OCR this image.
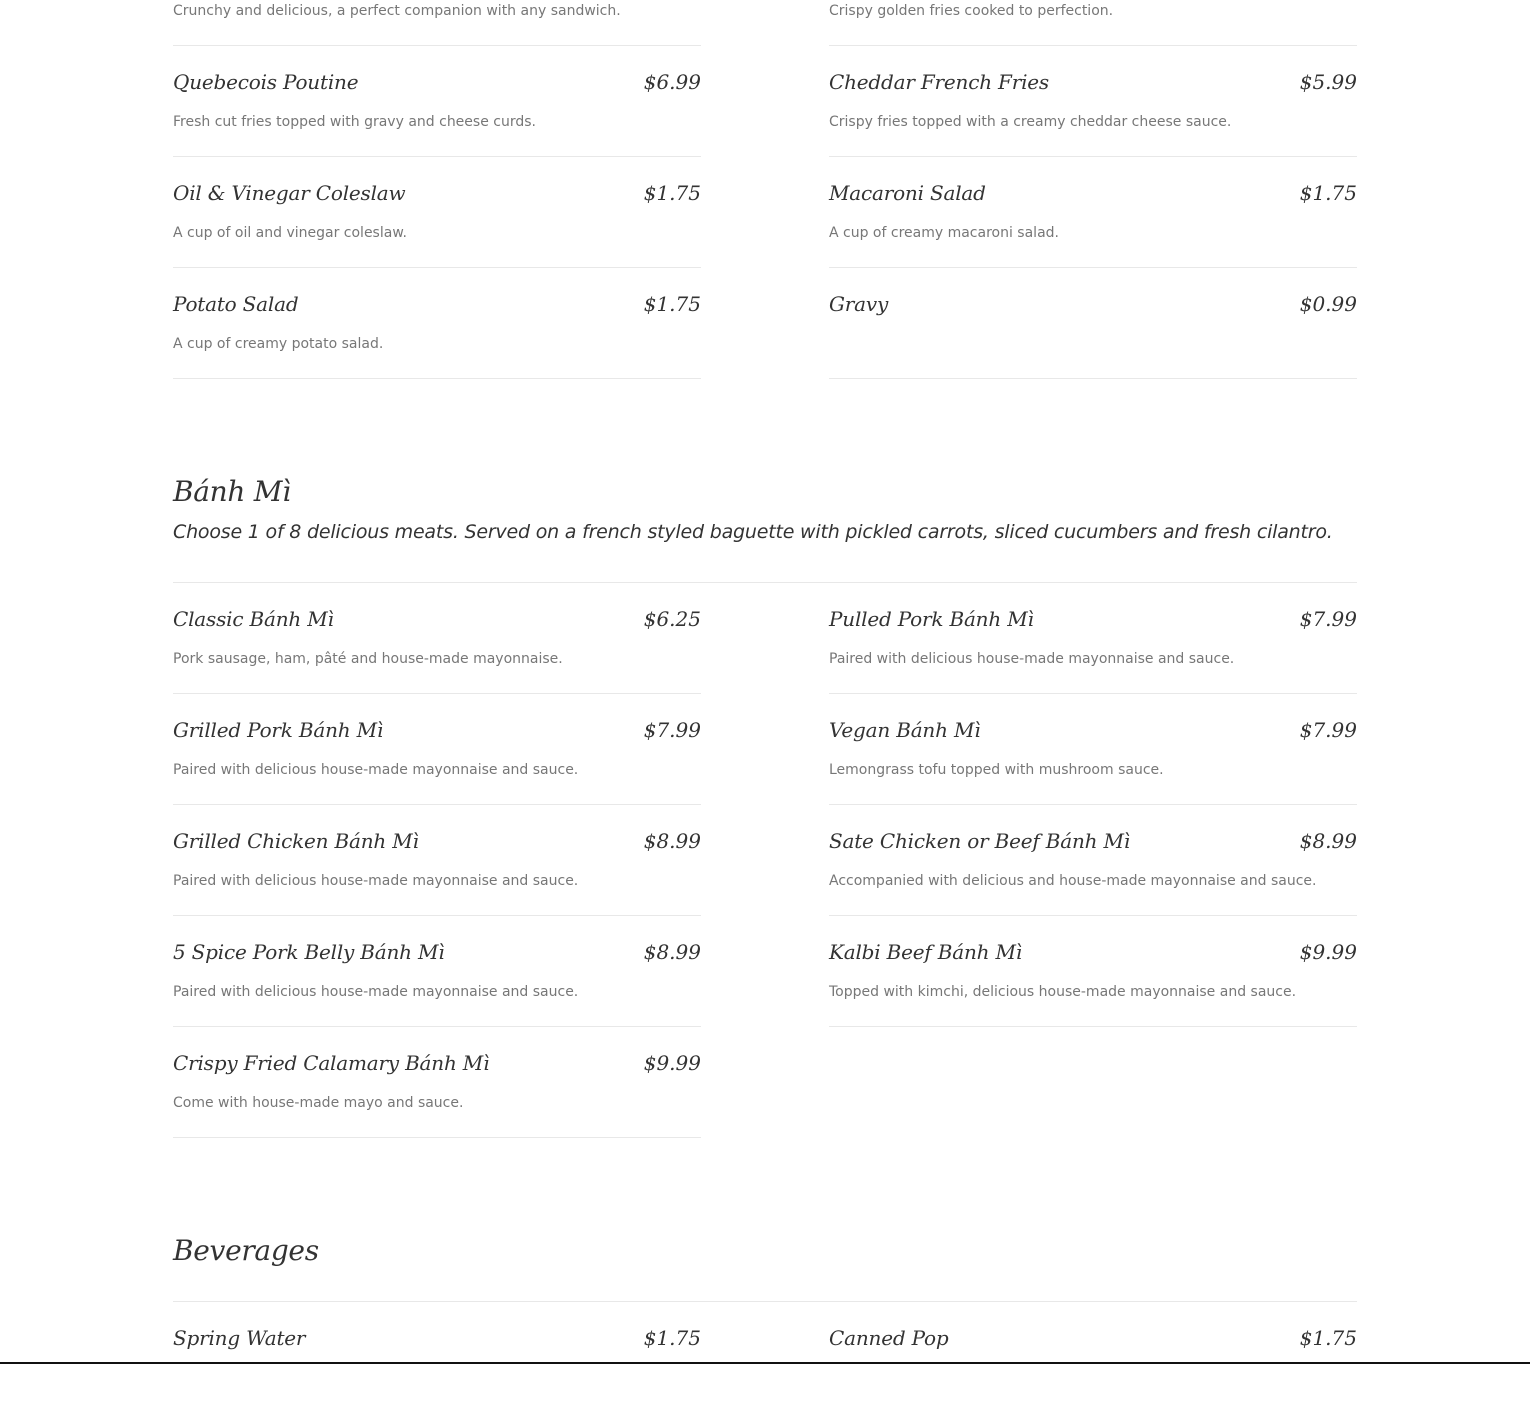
Crunchy and delicious, a perfect companion with any sandwich.
Quebecois Poutine	$6.99
Fresh cut fries topped with gravy and cheese curds.
Oil & Vinegar Coleslaw	$1.75
A cup of oil and vinegar coleslaw.
Potato Salad	$1.75
A cup of creamy potato salad.
Crispy golden fries cooked to perfection.
Cheddar French Fries	$5.99
Crispy fries topped with a creamy cheddar cheese sauce.
Macaroni Salad	$1.75
A cup of creamy macaroni salad.
Gravy	$0.99
Bánh Mì
Choose 1 of 8 delicious meats. Served on a french styled baguette with pickled carrots, sliced cucumbers and fresh cilantro.
Classic Bánh Mì	$6.25
Pork sausage, ham, pâté and house-made mayonnaise.
Grilled Pork Bánh Mì	$7.99
Paired with delicious house-made mayonnaise and sauce.
Grilled Chicken Bánh Mì	$8.99
Paired with delicious house-made mayonnaise and sauce.
5 Spice Pork Belly Bánh Mì	$8.99
Paired with delicious house-made mayonnaise and sauce.
Crispy Fried Calamary Bánh Mì	$9.99
Come with house-made mayo and sauce.
Pulled Pork Bánh Mì	$7.99
Paired with delicious house-made mayonnaise and sauce.
Vegan Bánh Mì	$7.99
Lemongrass tofu topped with mushroom sauce.
Sate Chicken or Beef Bánh Mì	$8.99
Accompanied with delicious and house-made mayonnaise and sauce.
Kalbi Beef Bánh Mì	$9.99
Topped with kimchi, delicious house-made mayonnaise and sauce.
Beverages
Spring Water	$1.75	Canned Pop	$1.75
